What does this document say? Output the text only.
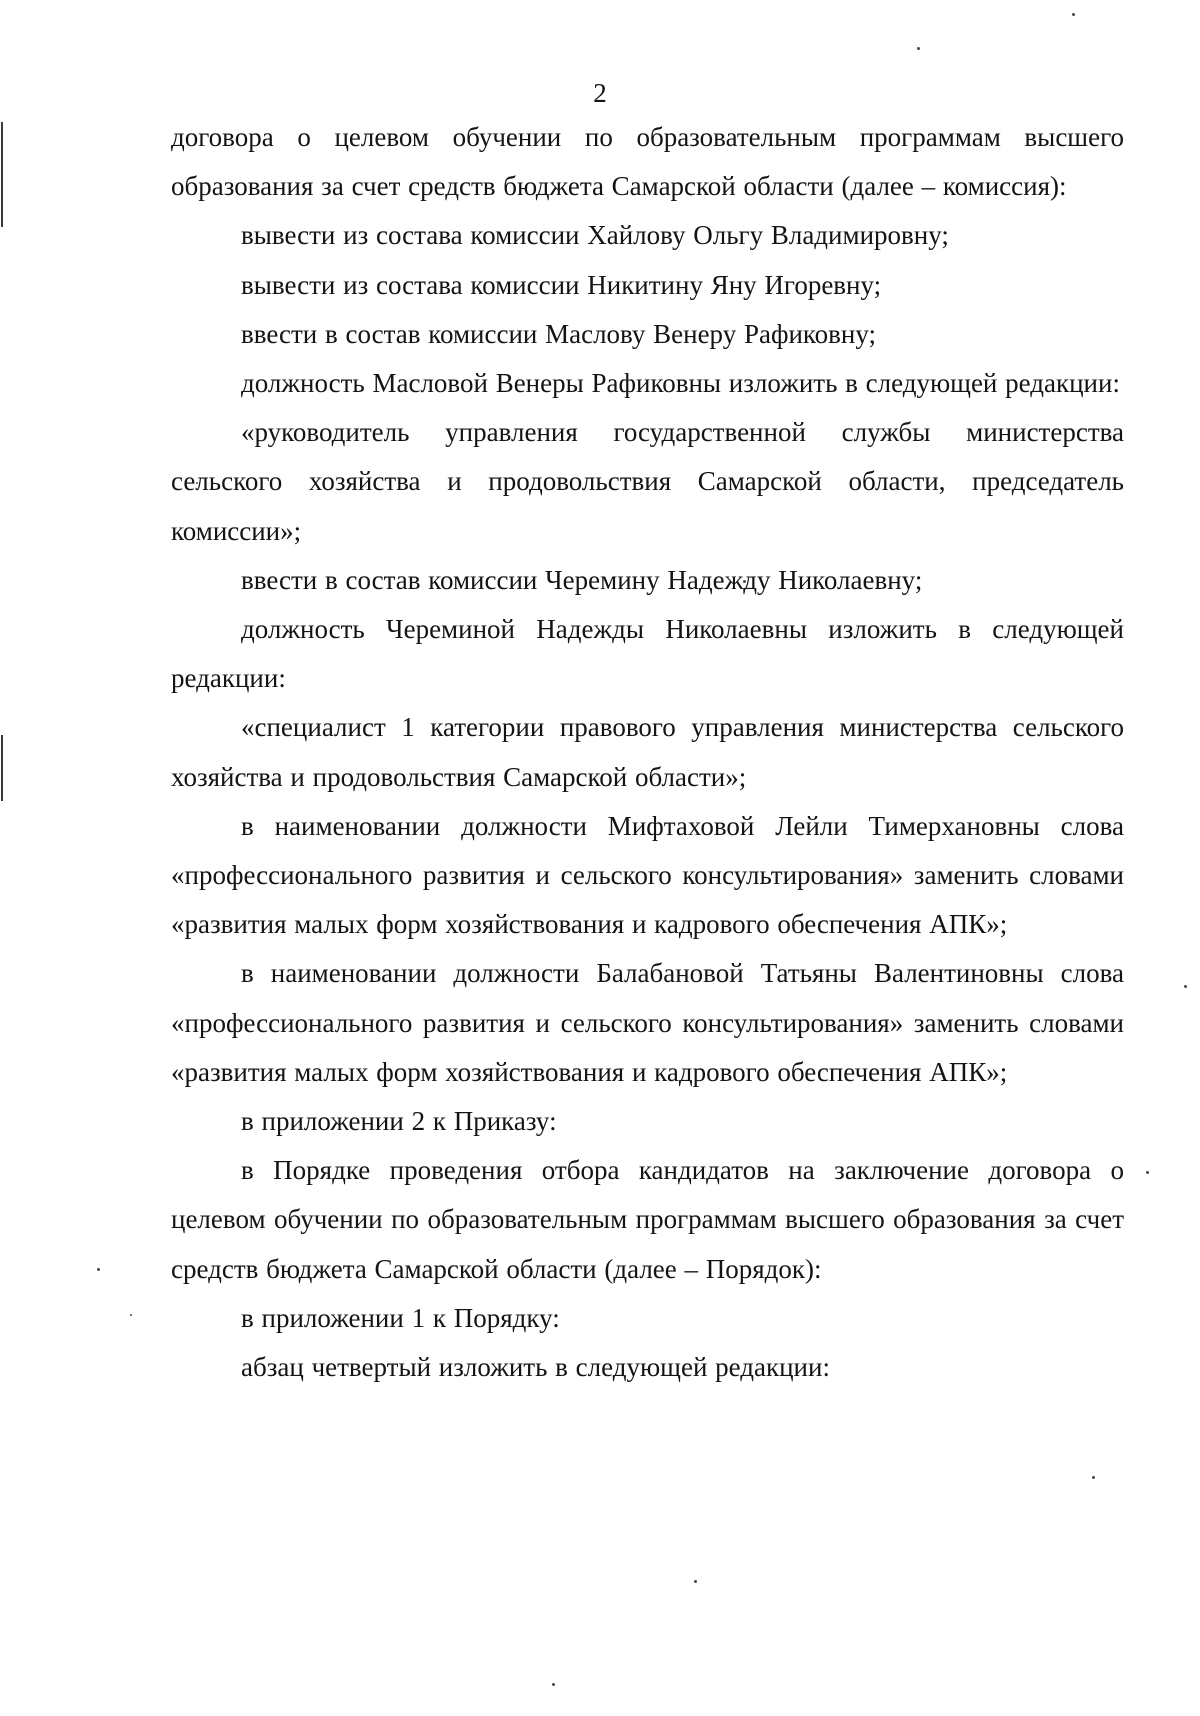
2

договора о целевом обучении по образовательным программам высшего образования за счет средств бюджета Самарской области (далее – комиссия):

вывести из состава комиссии Хайлову Ольгу Владимировну;

вывести из состава комиссии Никитину Яну Игоревну;

ввести в состав комиссии Маслову Венеру Рафиковну;

должность Масловой Венеры Рафиковны изложить в следующей редакции:

«руководитель управления государственной службы министерства сельского хозяйства и продовольствия Самарской области, председатель комиссии»;

ввести в состав комиссии Черемину Надежду Николаевну;

должность Череминой Надежды Николаевны изложить в следующей редакции:

«специалист 1 категории правового управления министерства сельского хозяйства и продовольствия Самарской области»;

в наименовании должности Мифтаховой Лейли Тимерхановны слова «профессионального развития и сельского консультирования» заменить словами «развития малых форм хозяйствования и кадрового обеспечения АПК»;

в наименовании должности Балабановой Татьяны Валентиновны слова «профессионального развития и сельского консультирования» заменить словами «развития малых форм хозяйствования и кадрового обеспечения АПК»;

в приложении 2 к Приказу:

в Порядке проведения отбора кандидатов на заключение договора о целевом обучении по образовательным программам высшего образования за счет средств бюджета Самарской области (далее – Порядок):

в приложении 1 к Порядку:

абзац четвертый изложить в следующей редакции:
